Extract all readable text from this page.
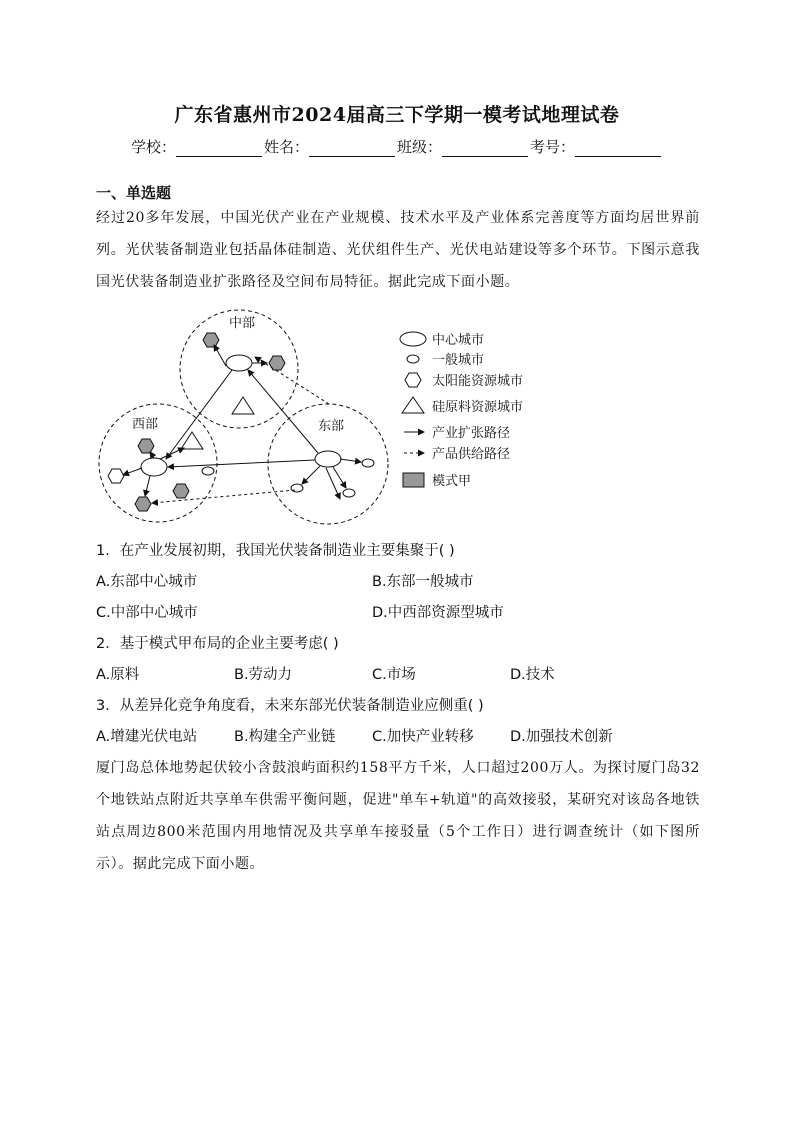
广东省惠州市2024届高三下学期一模考试地理试卷
学校：	姓名：	班级：	考号：
一、单选题
经过20多年发展，中国光伏产业在产业规模、技术水平及产业体系完善度等方面均居世界前列。光伏装备制造业包括晶体硅制造、光伏组件生产、光伏电站建设等多个环节。下图示意我国光伏装备制造业扩张路径及空间布局特征。据此完成下面小题。
中部
西部	东部
中心城市
一般城市
太阳能资源城市
硅原料资源城市
产业扩张路径
产品供给路径
模式甲
1．在产业发展初期，我国光伏装备制造业主要集聚于( )
A.东部中心城市	B.东部一般城市
C.中部中心城市	D.中西部资源型城市
2．基于模式甲布局的企业主要考虑( )
A.原料	B.劳动力	C.市场	D.技术
3．从差异化竞争角度看，未来东部光伏装备制造业应侧重( )
A.增建光伏电站	B.构建全产业链	C.加快产业转移	D.加强技术创新
厦门岛总体地势起伏较小含鼓浪屿面积约158平方千米，人口超过200万人。为探讨厦门岛32个地铁站点附近共享单车供需平衡问题，促进"单车+轨道"的高效接驳，某研究对该岛各地铁站点周边800米范围内用地情况及共享单车接驳量（5个工作日）进行调查统计（如下图所示）。据此完成下面小题。
